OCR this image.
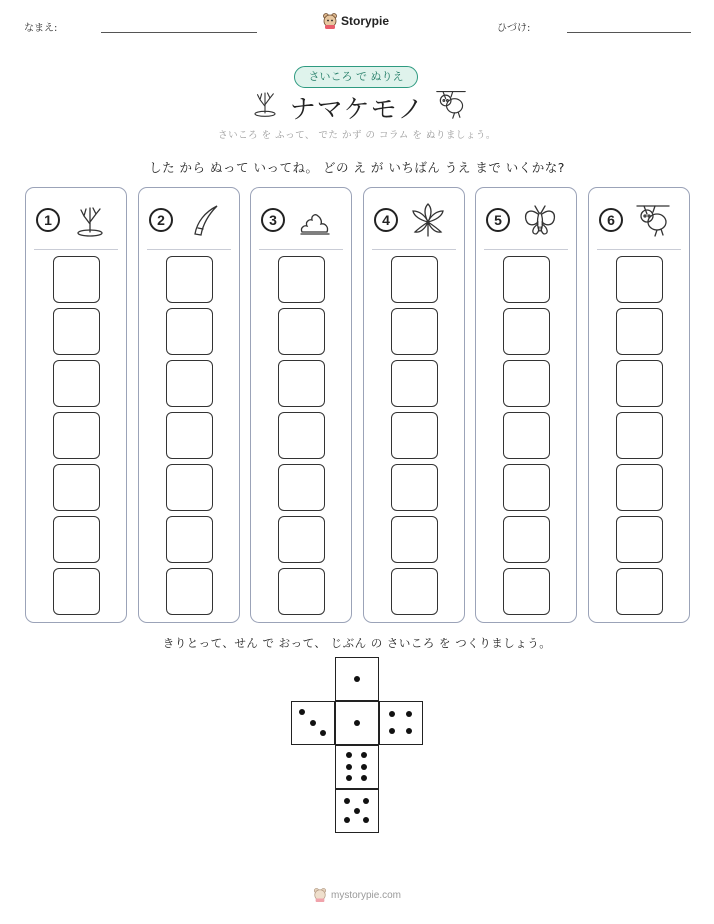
なまえ:
Storypie
ひづけ:
さいころ で ぬりえ
ナマケモノ
さいころ を ふって、 でた かず の コラム を ぬりましょう。
した から ぬって いってね。 どの え が いちばん うえ まで いくかな?
1	2	3	4	5	6
きりとって、せん で おって、 じぶん の さいころ を つくりましょう。
mystorypie.com
